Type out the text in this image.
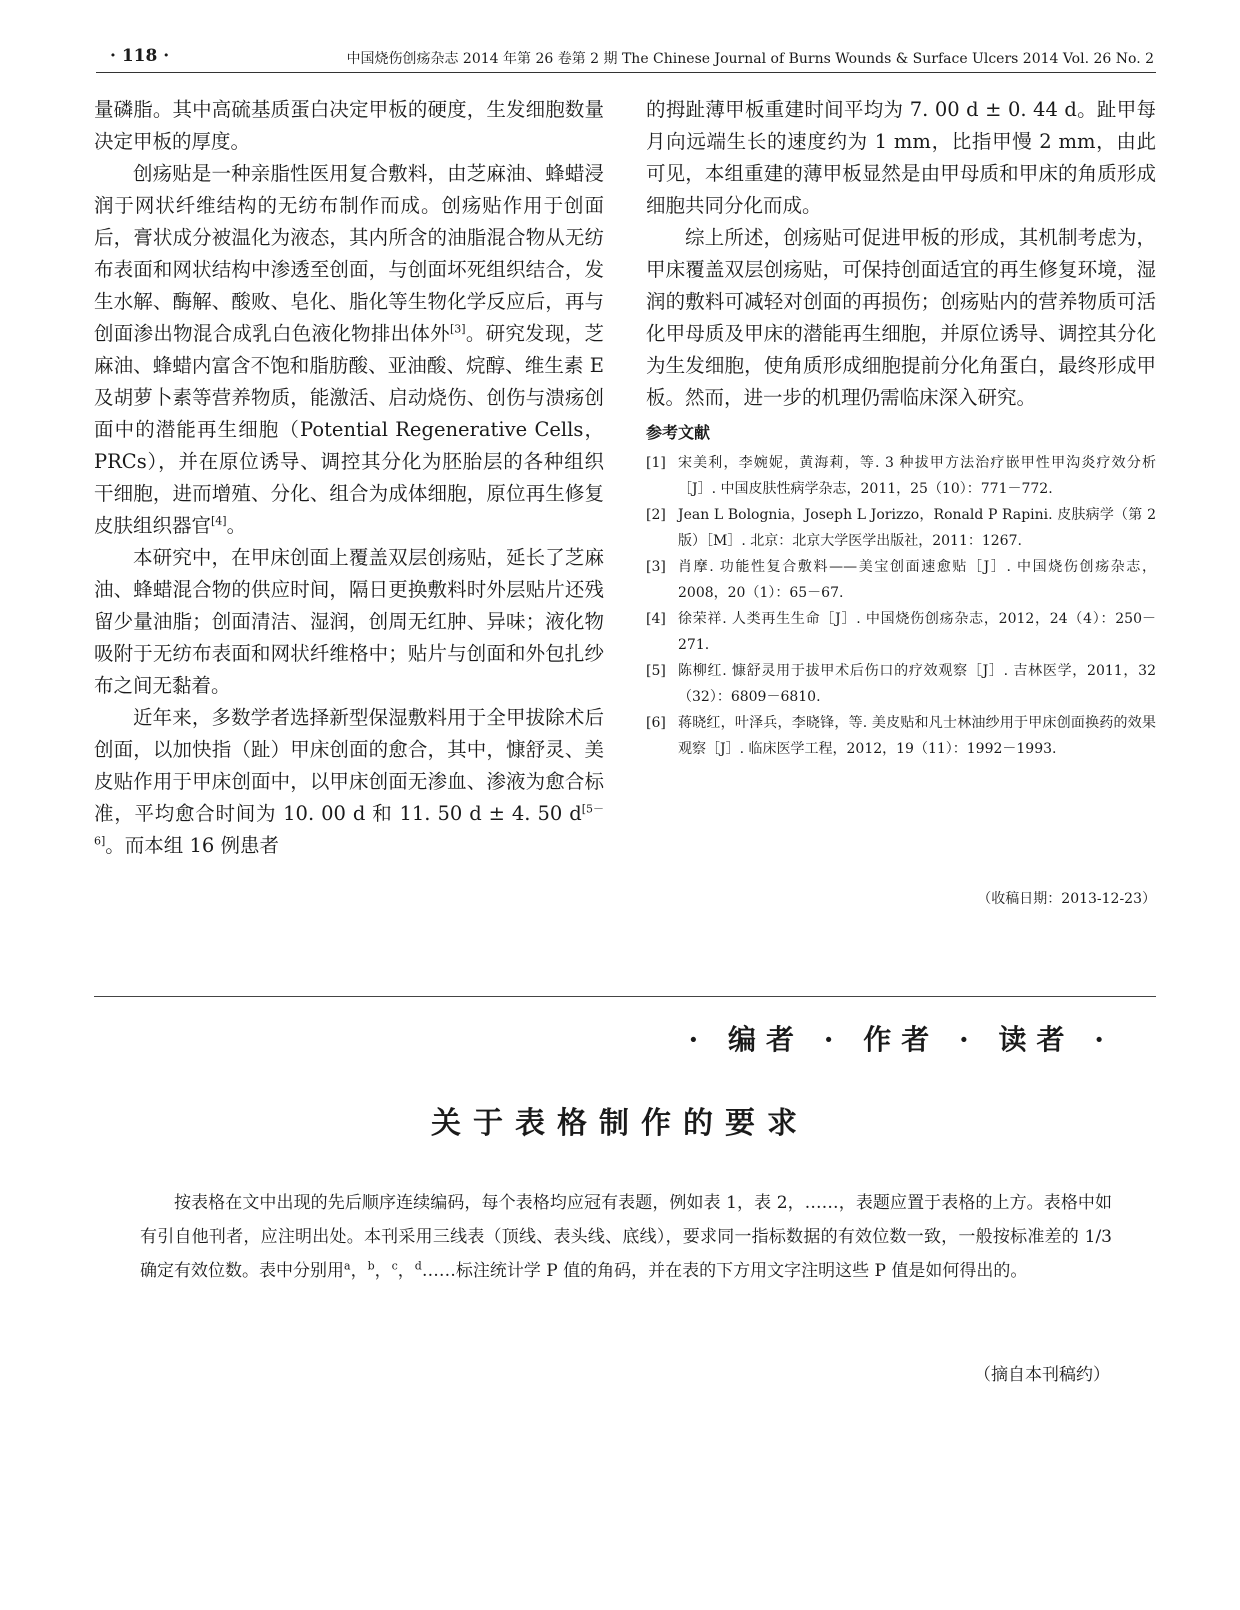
· 118 ·	中国烧伤创疡杂志 2014 年第 26 卷第 2 期 The Chinese Journal of Burns Wounds & Surface Ulcers 2014 Vol. 26 No. 2

量磷脂。其中高硫基质蛋白决定甲板的硬度，生发细胞数量决定甲板的厚度。

创疡贴是一种亲脂性医用复合敷料，由芝麻油、蜂蜡浸润于网状纤维结构的无纺布制作而成。创疡贴作用于创面后，膏状成分被温化为液态，其内所含的油脂混合物从无纺布表面和网状结构中渗透至创面，与创面坏死组织结合，发生水解、酶解、酸败、皂化、脂化等生物化学反应后，再与创面渗出物混合成乳白色液化物排出体外[3]。研究发现，芝麻油、蜂蜡内富含不饱和脂肪酸、亚油酸、烷醇、维生素 E 及胡萝卜素等营养物质，能激活、启动烧伤、创伤与溃疡创面中的潜能再生细胞（Potential Regenerative Cells，PRCs），并在原位诱导、调控其分化为胚胎层的各种组织干细胞，进而增殖、分化、组合为成体细胞，原位再生修复皮肤组织器官[4]。

本研究中，在甲床创面上覆盖双层创疡贴，延长了芝麻油、蜂蜡混合物的供应时间，隔日更换敷料时外层贴片还残留少量油脂；创面清洁、湿润，创周无红肿、异味；液化物吸附于无纺布表面和网状纤维格中；贴片与创面和外包扎纱布之间无黏着。

近年来，多数学者选择新型保湿敷料用于全甲拔除术后创面，以加快指（趾）甲床创面的愈合，其中，慷舒灵、美皮贴作用于甲床创面中，以甲床创面无渗血、渗液为愈合标准，平均愈合时间为 10. 00 d 和 11. 50 d ± 4. 50 d[5－6]。而本组 16 例患者

的拇趾薄甲板重建时间平均为 7. 00 d ± 0. 44 d。趾甲每月向远端生长的速度约为 1 mm，比指甲慢 2 mm，由此可见，本组重建的薄甲板显然是由甲母质和甲床的角质形成细胞共同分化而成。

综上所述，创疡贴可促进甲板的形成，其机制考虑为，甲床覆盖双层创疡贴，可保持创面适宜的再生修复环境，湿润的敷料可减轻对创面的再损伤；创疡贴内的营养物质可活化甲母质及甲床的潜能再生细胞，并原位诱导、调控其分化为生发细胞，使角质形成细胞提前分化角蛋白，最终形成甲板。然而，进一步的机理仍需临床深入研究。

参考文献
[1] 宋美利，李婉妮，黄海莉，等. 3 种拔甲方法治疗嵌甲性甲沟炎疗效分析［J］. 中国皮肤性病学杂志，2011，25（10）：771－772.
[2] Jean L Bolognia，Joseph L Jorizzo，Ronald P Rapini. 皮肤病学（第 2 版）［M］. 北京：北京大学医学出版社，2011：1267.
[3] 肖摩. 功能性复合敷料——美宝创面速愈贴［J］. 中国烧伤创疡杂志，2008，20（1）：65－67.
[4] 徐荣祥. 人类再生生命［J］. 中国烧伤创疡杂志，2012，24（4）：250－271.
[5] 陈柳红. 慷舒灵用于拔甲术后伤口的疗效观察［J］. 吉林医学，2011，32（32）：6809－6810.
[6] 蒋晓红，叶泽兵，李晓锋，等. 美皮贴和凡士林油纱用于甲床创面换药的效果观察［J］. 临床医学工程，2012，19（11）：1992－1993.
（收稿日期：2013-12-23）
· 编者 · 作者 · 读者 ·
关于表格制作的要求

按表格在文中出现的先后顺序连续编码，每个表格均应冠有表题，例如表 1，表 2，……，表题应置于表格的上方。表格中如有引自他刊者，应注明出处。本刊采用三线表（顶线、表头线、底线），要求同一指标数据的有效位数一致，一般按标准差的 1/3 确定有效位数。表中分别用$^a$，$^b$，$^c$，$^d$……标注统计学 P 值的角码，并在表的下方用文字注明这些 P 值是如何得出的。

（摘自本刊稿约）
